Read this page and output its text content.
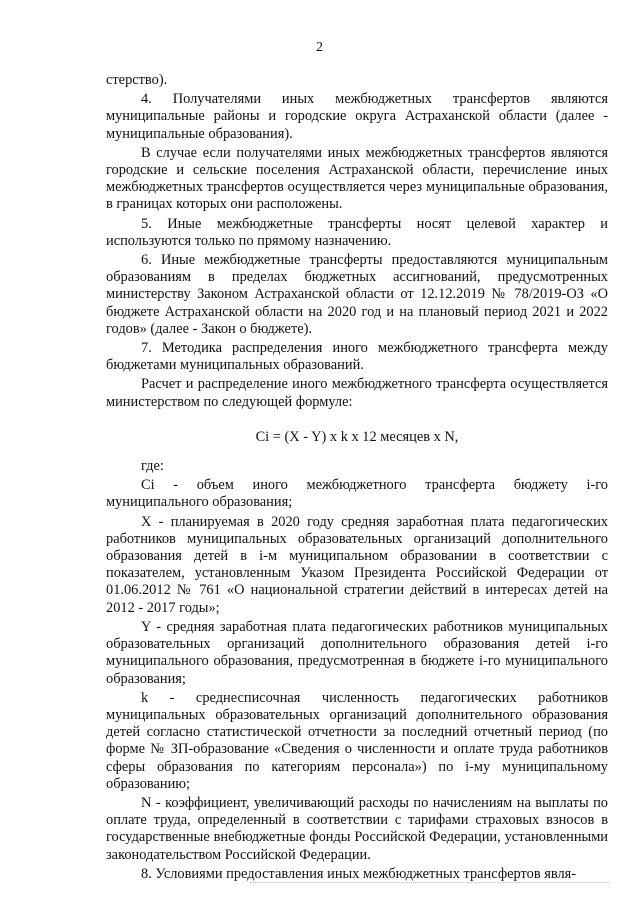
2

стерство).

4. Получателями иных межбюджетных трансфертов являются муниципальные районы и городские округа Астраханской области (далее - муниципальные образования).

В случае если получателями иных межбюджетных трансфертов являются городские и сельские поселения Астраханской области, перечисление иных межбюджетных трансфертов осуществляется через муниципальные образования, в границах которых они расположены.

5. Иные межбюджетные трансферты носят целевой характер и используются только по прямому назначению.

6. Иные межбюджетные трансферты предоставляются муниципальным образованиям в пределах бюджетных ассигнований, предусмотренных министерству Законом Астраханской области от 12.12.2019 № 78/2019-ОЗ «О бюджете Астраханской области на 2020 год и на плановый период 2021 и 2022 годов» (далее - Закон о бюджете).

7. Методика распределения иного межбюджетного трансферта между бюджетами муниципальных образований.

Расчет и распределение иного межбюджетного трансферта осуществляется министерством по следующей формуле:

Ci = (X - Y) x k x 12 месяцев x N,

где:

Ci - объем иного межбюджетного трансферта бюджету i-го муниципального образования;

X - планируемая в 2020 году средняя заработная плата педагогических работников муниципальных образовательных организаций дополнительного образования детей в i-м муниципальном образовании в соответствии с показателем, установленным Указом Президента Российской Федерации от 01.06.2012 № 761 «О национальной стратегии действий в интересах детей на 2012 - 2017 годы»;

Y - средняя заработная плата педагогических работников муниципальных образовательных организаций дополнительного образования детей i-го муниципального образования, предусмотренная в бюджете i-го муниципального образования;

k - среднесписочная численность педагогических работников муниципальных образовательных организаций дополнительного образования детей согласно статистической отчетности за последний отчетный период (по форме № ЗП-образование «Сведения о численности и оплате труда работников сферы образования по категориям персонала») по i-му муниципальному образованию;

N - коэффициент, увеличивающий расходы по начислениям на выплаты по оплате труда, определенный в соответствии с тарифами страховых взносов в государственные внебюджетные фонды Российской Федерации, установленными законодательством Российской Федерации.

8. Условиями предоставления иных межбюджетных трансфертов явля-
